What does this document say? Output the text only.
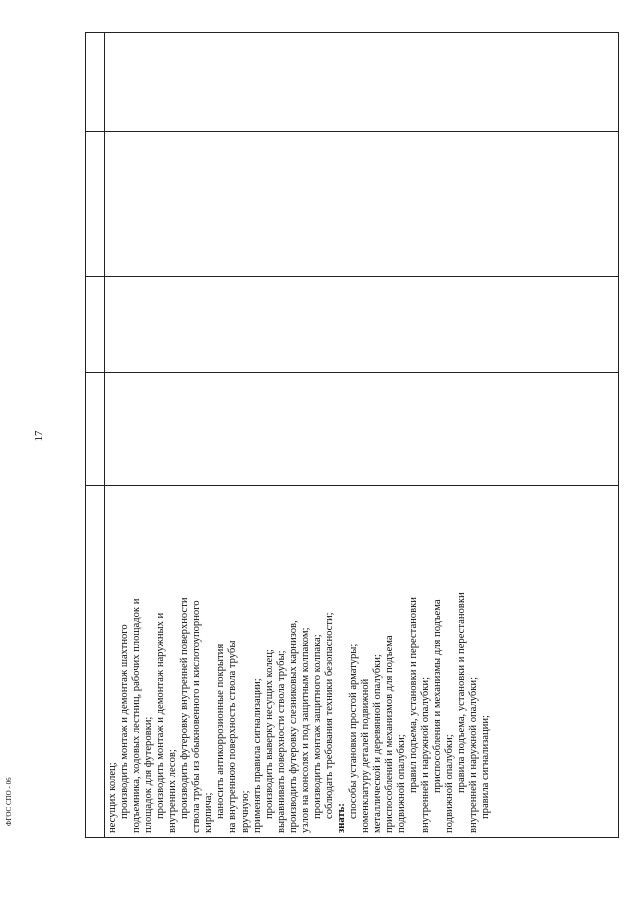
17
несущих колец; производить монтаж и демонтаж шахтного подъемника, ходовых лестниц, рабочих площадок и площадок для футеровки; производить монтаж и демонтаж наружных и внутренних лесов; производить футеровку внутренней поверхности ствола трубы из обыкновенного и кислотоупорного кирпича; наносить антикоррозионные покрытия на внутреннюю поверхность ствола трубы вручную; применять правила сигнализации; производить выверку несущих колец; выравнивать поверхности ствола трубы; производить футеровку слезниковых карнизов, узлов на консолях и под защитным колпаком; производить монтаж защитного колпака; соблюдать требования техники безопасности; знать: способы установки простой арматуры; номенклатуру деталей подвижной металлической и деревянной опалубки; приспособлений и механизмов для подъема подвижной опалубки; правил подъема, установки и перестановки внутренней и наружной опалубки; приспособления и механизмы для подъема подвижной опалубки; правила подъема, установки и перестановки внутренней и наружной опалубки; правила сигнализации;
ФГОС СПО - 06
